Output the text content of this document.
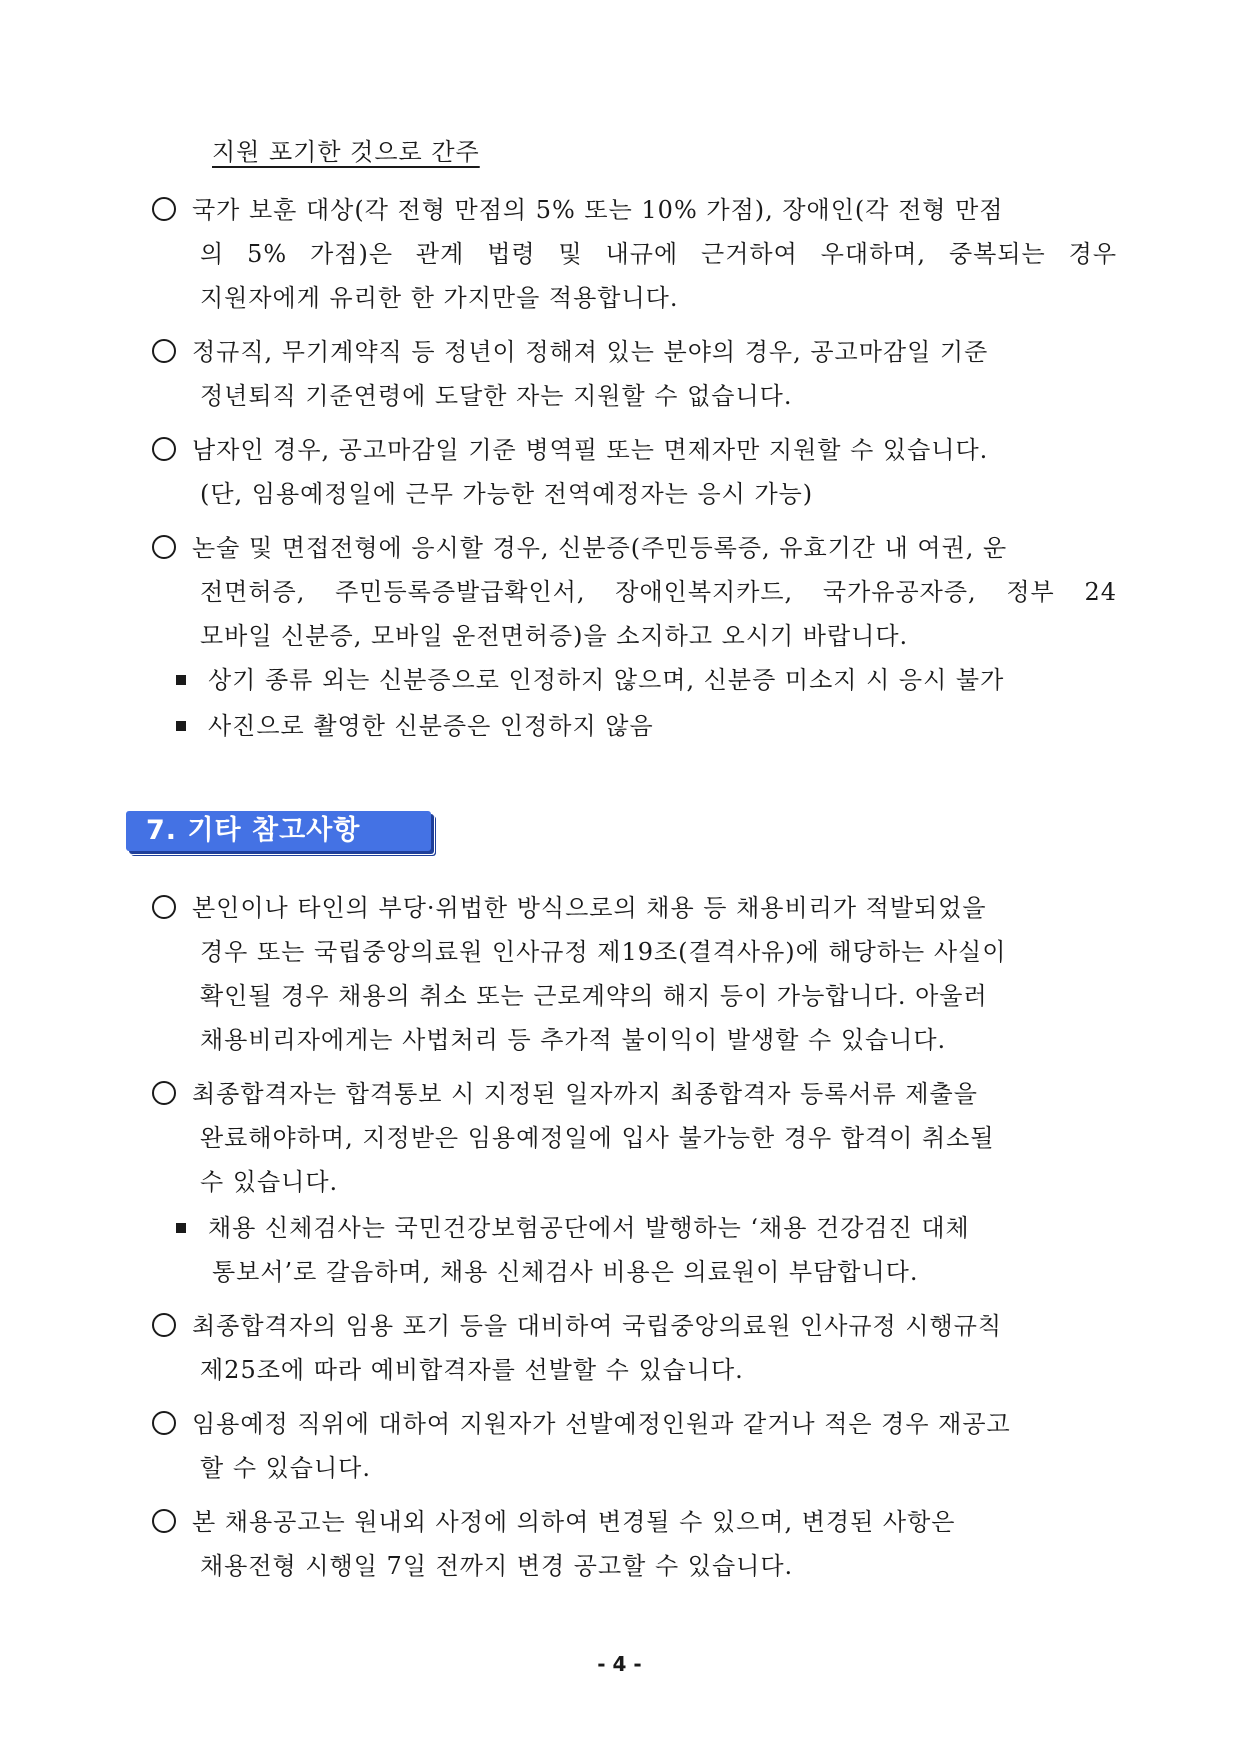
지원 포기한 것으로 간주
국가 보훈 대상(각 전형 만점의 5% 또는 10% 가점), 장애인(각 전형 만점
의 5% 가점)은 관계 법령 및 내규에 근거하여 우대하며, 중복되는 경우
지원자에게 유리한 한 가지만을 적용합니다.
정규직, 무기계약직 등 정년이 정해져 있는 분야의 경우, 공고마감일 기준
정년퇴직 기준연령에 도달한 자는 지원할 수 없습니다.
남자인 경우, 공고마감일 기준 병역필 또는 면제자만 지원할 수 있습니다.
(단, 임용예정일에 근무 가능한 전역예정자는 응시 가능)
논술 및 면접전형에 응시할 경우, 신분증(주민등록증, 유효기간 내 여권, 운
전면허증, 주민등록증발급확인서, 장애인복지카드, 국가유공자증, 정부 24
모바일 신분증, 모바일 운전면허증)을 소지하고 오시기 바랍니다.
상기 종류 외는 신분증으로 인정하지 않으며, 신분증 미소지 시 응시 불가
사진으로 촬영한 신분증은 인정하지 않음
7. 기타 참고사항
본인이나 타인의 부당·위법한 방식으로의 채용 등 채용비리가 적발되었을
경우 또는 국립중앙의료원 인사규정 제19조(결격사유)에 해당하는 사실이
확인될 경우 채용의 취소 또는 근로계약의 해지 등이 가능합니다. 아울러
채용비리자에게는 사법처리 등 추가적 불이익이 발생할 수 있습니다.
최종합격자는 합격통보 시 지정된 일자까지 최종합격자 등록서류 제출을
완료해야하며, 지정받은 임용예정일에 입사 불가능한 경우 합격이 취소될
수 있습니다.
채용 신체검사는 국민건강보험공단에서 발행하는 ‘채용 건강검진 대체
통보서’로 갈음하며, 채용 신체검사 비용은 의료원이 부담합니다.
최종합격자의 임용 포기 등을 대비하여 국립중앙의료원 인사규정 시행규칙
제25조에 따라 예비합격자를 선발할 수 있습니다.
임용예정 직위에 대하여 지원자가 선발예정인원과 같거나 적은 경우 재공고
할 수 있습니다.
본 채용공고는 원내외 사정에 의하여 변경될 수 있으며, 변경된 사항은
채용전형 시행일 7일 전까지 변경 공고할 수 있습니다.
- 4 -
